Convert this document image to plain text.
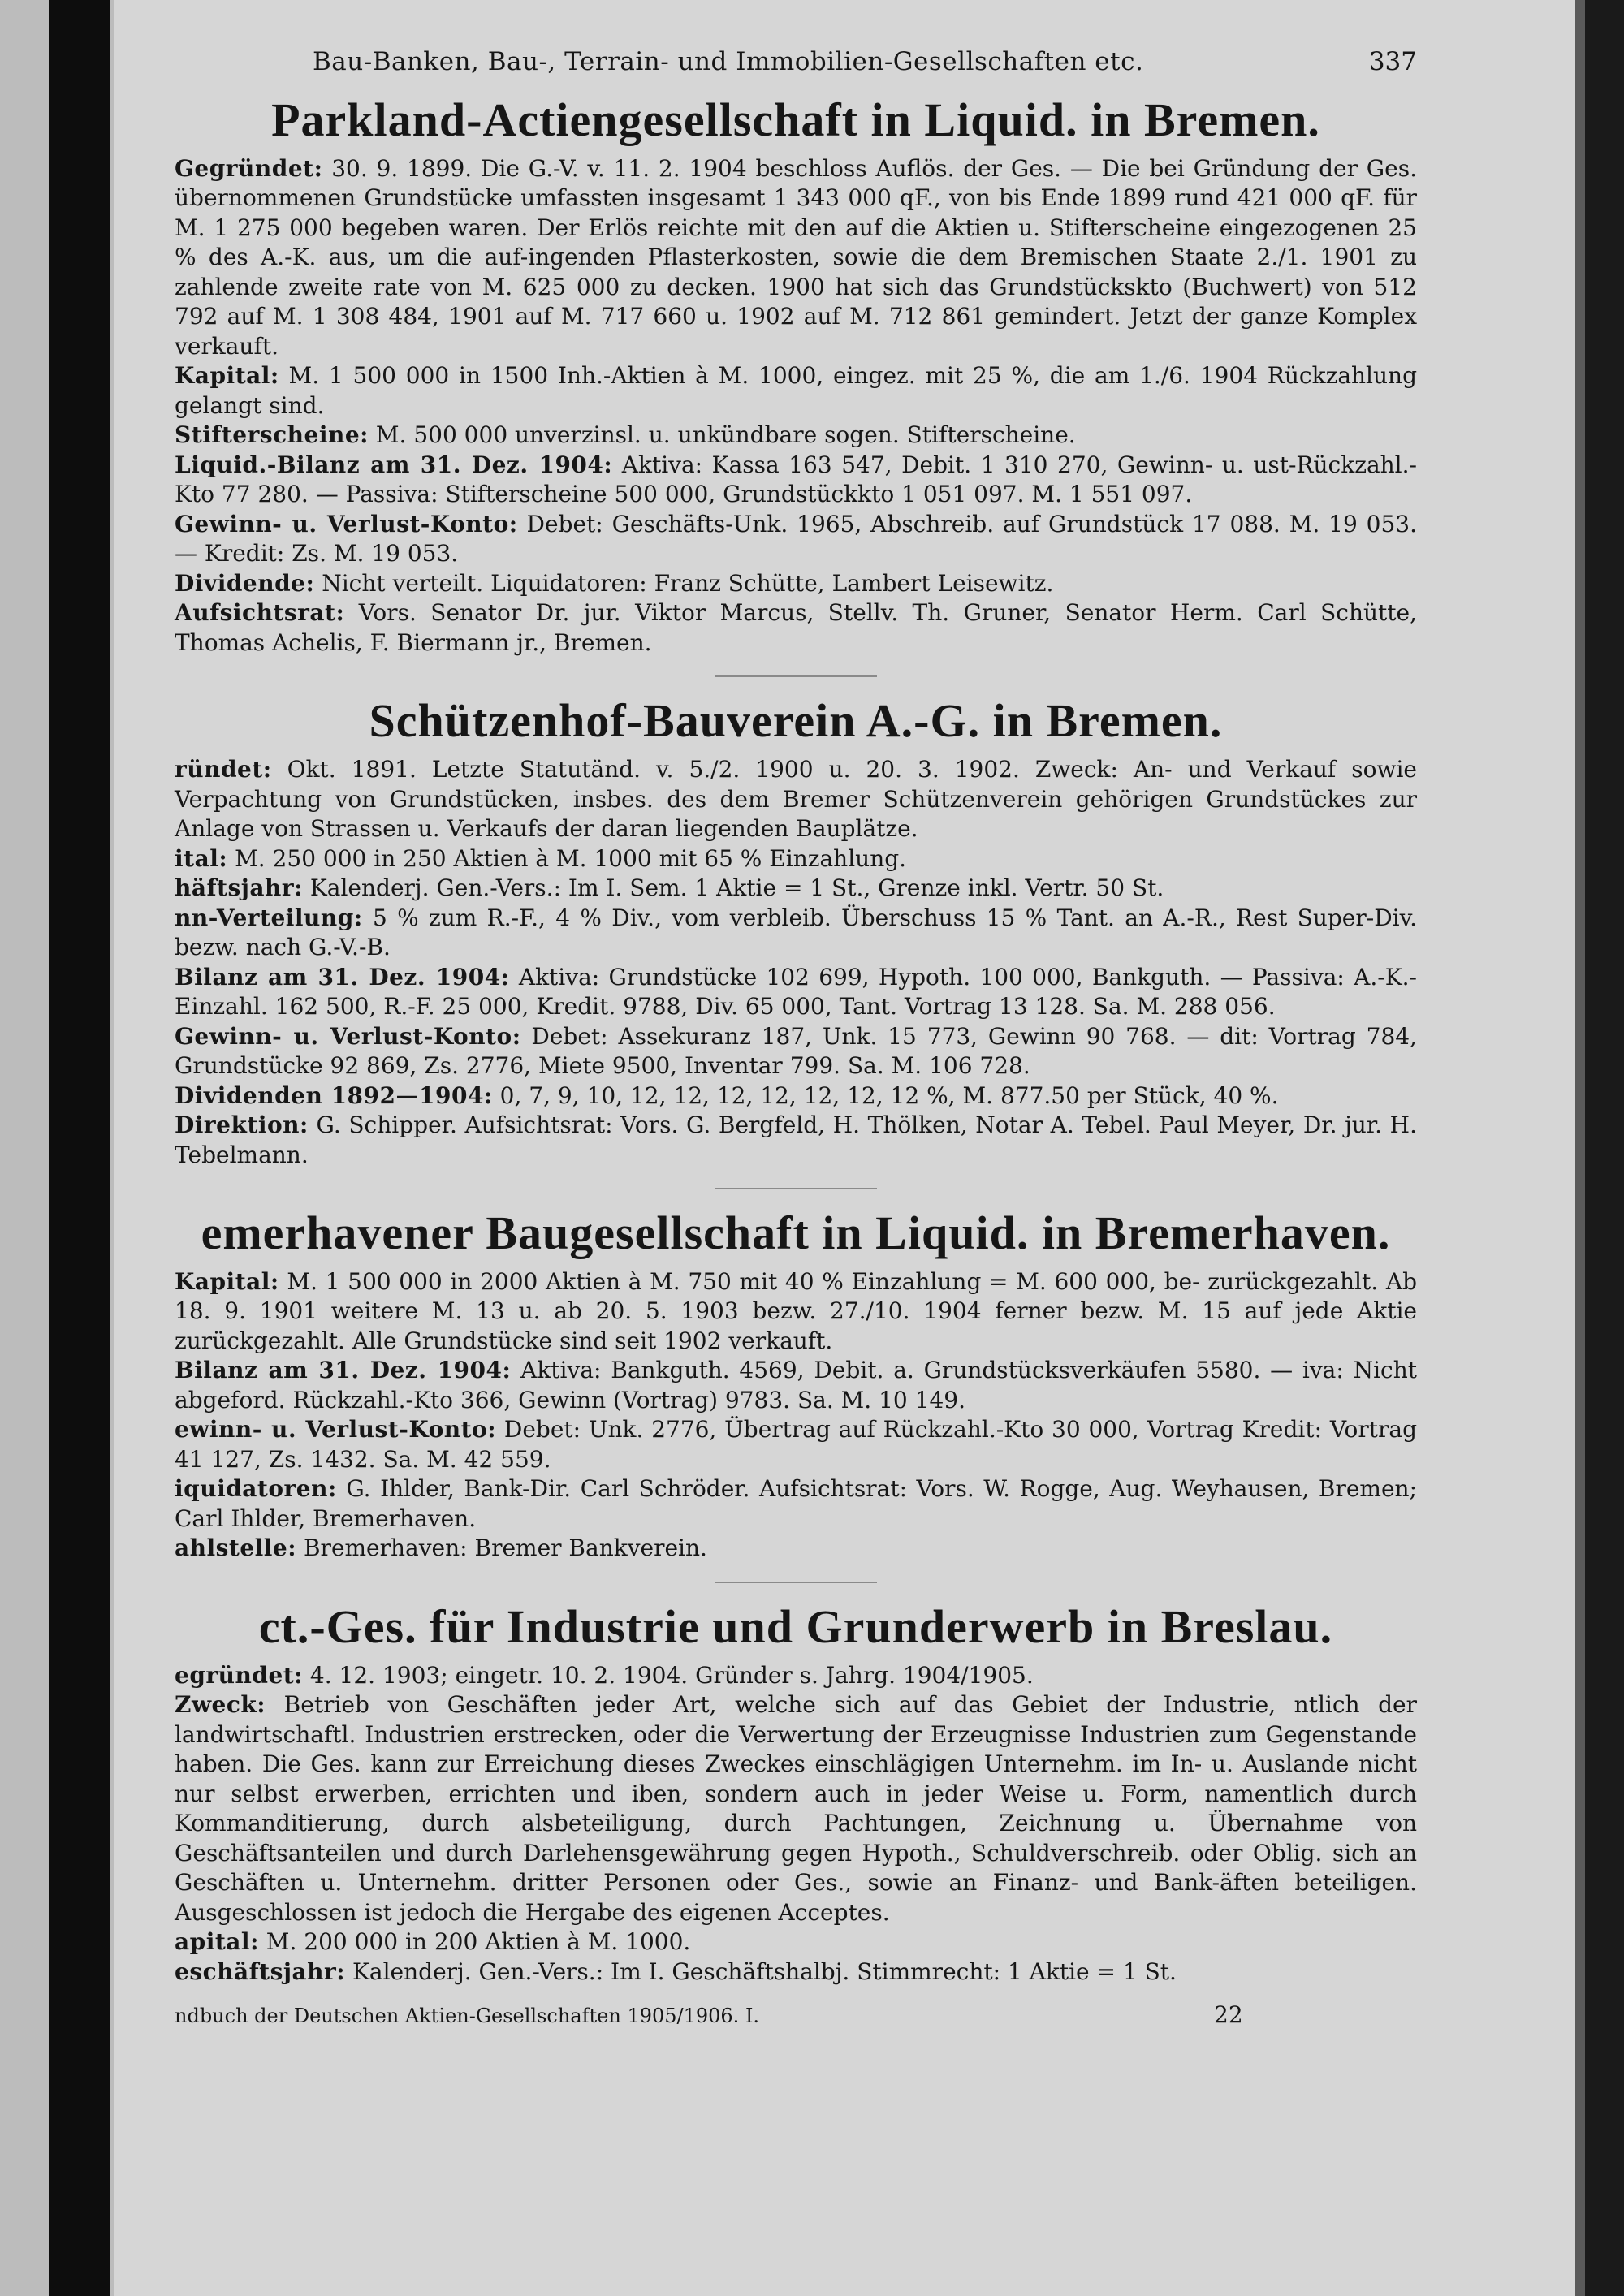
Bau-Banken, Bau-, Terrain- und Immobilien-Gesellschaften etc.	337
Parkland-Actiengesellschaft in Liquid. in Bremen.

Gegründet: 30. 9. 1899. Die G.-V. v. 11. 2. 1904 beschloss Auflös. der Ges. — Die bei Gründung der Ges. übernommenen Grundstücke umfassten insgesamt 1 343 000 qF., von bis Ende 1899 rund 421 000 qF. für M. 1 275 000 begeben waren. Der Erlös reichte mit den auf die Aktien u. Stifterscheine eingezogenen 25 % des A.-K. aus, um die auf-ingenden Pflasterkosten, sowie die dem Bremischen Staate 2./1. 1901 zu zahlende zweite rate von M. 625 000 zu decken. 1900 hat sich das Grundstückskto (Buchwert) von 512 792 auf M. 1 308 484, 1901 auf M. 717 660 u. 1902 auf M. 712 861 gemindert. Jetzt der ganze Komplex verkauft.

Kapital: M. 1 500 000 in 1500 Inh.-Aktien à M. 1000, eingez. mit 25 %, die am 1./6. 1904 Rückzahlung gelangt sind.

Stifterscheine: M. 500 000 unverzinsl. u. unkündbare sogen. Stifterscheine.

Liquid.-Bilanz am 31. Dez. 1904: Aktiva: Kassa 163 547, Debit. 1 310 270, Gewinn- u. ust-Rückzahl.-Kto 77 280. — Passiva: Stifterscheine 500 000, Grundstückkto 1 051 097. M. 1 551 097.

Gewinn- u. Verlust-Konto: Debet: Geschäfts-Unk. 1965, Abschreib. auf Grundstück 17 088. M. 19 053. — Kredit: Zs. M. 19 053.

Dividende: Nicht verteilt. Liquidatoren: Franz Schütte, Lambert Leisewitz.

Aufsichtsrat: Vors. Senator Dr. jur. Viktor Marcus, Stellv. Th. Gruner, Senator Herm. Carl Schütte, Thomas Achelis, F. Biermann jr., Bremen.

Schützenhof-Bauverein A.-G. in Bremen.

ründet: Okt. 1891. Letzte Statutänd. v. 5./2. 1900 u. 20. 3. 1902. Zweck: An- und Verkauf sowie Verpachtung von Grundstücken, insbes. des dem Bremer Schützenverein gehörigen Grundstückes zur Anlage von Strassen u. Verkaufs der daran liegenden Bauplätze.

ital: M. 250 000 in 250 Aktien à M. 1000 mit 65 % Einzahlung.

häftsjahr: Kalenderj. Gen.-Vers.: Im I. Sem. 1 Aktie = 1 St., Grenze inkl. Vertr. 50 St.

nn-Verteilung: 5 % zum R.-F., 4 % Div., vom verbleib. Überschuss 15 % Tant. an A.-R., Rest Super-Div. bezw. nach G.-V.-B.

Bilanz am 31. Dez. 1904: Aktiva: Grundstücke 102 699, Hypoth. 100 000, Bankguth. — Passiva: A.-K.-Einzahl. 162 500, R.-F. 25 000, Kredit. 9788, Div. 65 000, Tant. Vortrag 13 128. Sa. M. 288 056.

Gewinn- u. Verlust-Konto: Debet: Assekuranz 187, Unk. 15 773, Gewinn 90 768. — dit: Vortrag 784, Grundstücke 92 869, Zs. 2776, Miete 9500, Inventar 799. Sa. M. 106 728.

Dividenden 1892—1904: 0, 7, 9, 10, 12, 12, 12, 12, 12, 12, 12 %, M. 877.50 per Stück, 40 %.

Direktion: G. Schipper. Aufsichtsrat: Vors. G. Bergfeld, H. Thölken, Notar A. Tebel. Paul Meyer, Dr. jur. H. Tebelmann.

emerhavener Baugesellschaft in Liquid. in Bremerhaven.

Kapital: M. 1 500 000 in 2000 Aktien à M. 750 mit 40 % Einzahlung = M. 600 000, be- zurückgezahlt. Ab 18. 9. 1901 weitere M. 13 u. ab 20. 5. 1903 bezw. 27./10. 1904 ferner bezw. M. 15 auf jede Aktie zurückgezahlt. Alle Grundstücke sind seit 1902 verkauft.

Bilanz am 31. Dez. 1904: Aktiva: Bankguth. 4569, Debit. a. Grundstücksverkäufen 5580. — iva: Nicht abgeford. Rückzahl.-Kto 366, Gewinn (Vortrag) 9783. Sa. M. 10 149.

ewinn- u. Verlust-Konto: Debet: Unk. 2776, Übertrag auf Rückzahl.-Kto 30 000, Vortrag Kredit: Vortrag 41 127, Zs. 1432. Sa. M. 42 559.

iquidatoren: G. Ihlder, Bank-Dir. Carl Schröder. Aufsichtsrat: Vors. W. Rogge, Aug. Weyhausen, Bremen; Carl Ihlder, Bremerhaven.

ahlstelle: Bremerhaven: Bremer Bankverein.

ct.-Ges. für Industrie und Grunderwerb in Breslau.

egründet: 4. 12. 1903; eingetr. 10. 2. 1904. Gründer s. Jahrg. 1904/1905.

Zweck: Betrieb von Geschäften jeder Art, welche sich auf das Gebiet der Industrie, ntlich der landwirtschaftl. Industrien erstrecken, oder die Verwertung der Erzeugnisse Industrien zum Gegenstande haben. Die Ges. kann zur Erreichung dieses Zweckes einschlägigen Unternehm. im In- u. Auslande nicht nur selbst erwerben, errichten und iben, sondern auch in jeder Weise u. Form, namentlich durch Kommanditierung, durch alsbeteiligung, durch Pachtungen, Zeichnung u. Übernahme von Geschäftsanteilen und durch Darlehensgewährung gegen Hypoth., Schuldverschreib. oder Oblig. sich an Geschäften u. Unternehm. dritter Personen oder Ges., sowie an Finanz- und Bank-äften beteiligen. Ausgeschlossen ist jedoch die Hergabe des eigenen Acceptes.

apital: M. 200 000 in 200 Aktien à M. 1000.

eschäftsjahr: Kalenderj. Gen.-Vers.: Im I. Geschäftshalbj. Stimmrecht: 1 Aktie = 1 St.

ndbuch der Deutschen Aktien-Gesellschaften 1905/1906. I.	22
